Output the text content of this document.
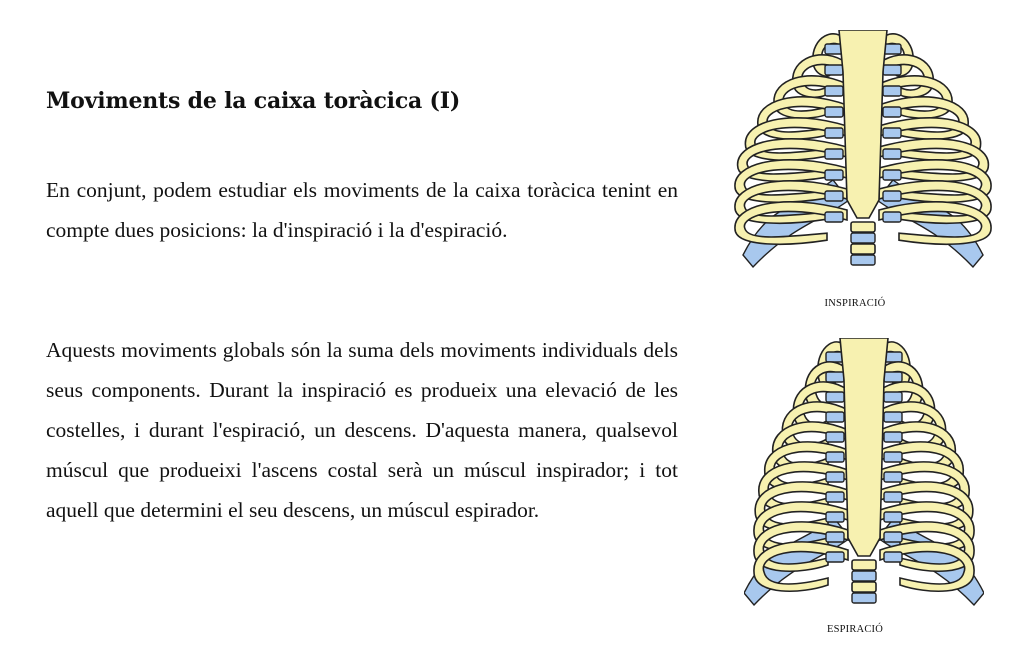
Moviments de la caixa toràcica (I)

En conjunt, podem estudiar els moviments de la caixa toràcica tenint en compte dues posicions: la d'inspiració i la d'espiració.

Aquests moviments globals són la suma dels moviments individuals dels seus components. Durant la inspiració es produeix una elevació de les costelles, i durant l'espiració, un descens. D'aquesta manera, qualsevol múscul que produeixi l'ascens costal serà un múscul inspirador; i tot aquell que determini el seu descens, un múscul espirador.

INSPIRACIÓ
ESPIRACIÓ
